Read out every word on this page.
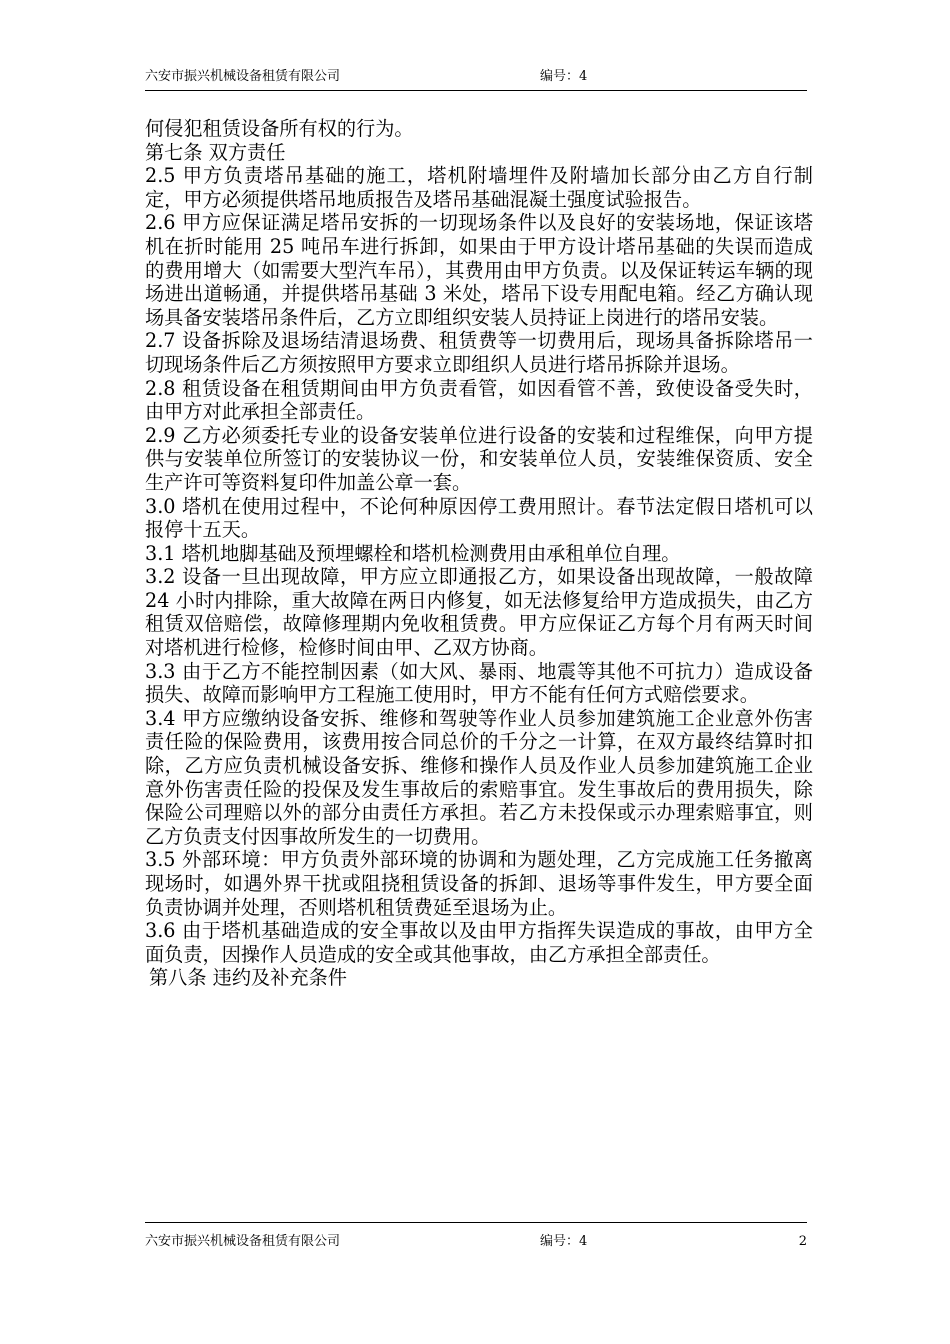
六安市振兴机械设备租赁有限公司	编号：4

何侵犯租赁设备所有权的行为。

第七条 双方责任

2.5 甲方负责塔吊基础的施工，塔机附墙埋件及附墙加长部分由乙方自行制定，甲方必须提供塔吊地质报告及塔吊基础混凝土强度试验报告。

2.6 甲方应保证满足塔吊安拆的一切现场条件以及良好的安装场地，保证该塔机在折时能用 25 吨吊车进行拆卸，如果由于甲方设计塔吊基础的失误而造成的费用增大（如需要大型汽车吊），其费用由甲方负责。以及保证转运车辆的现场进出道畅通，并提供塔吊基础 3 米处，塔吊下设专用配电箱。经乙方确认现场具备安装塔吊条件后，乙方立即组织安装人员持证上岗进行的塔吊安装。

2.7 设备拆除及退场结清退场费、租赁费等一切费用后，现场具备拆除塔吊一切现场条件后乙方须按照甲方要求立即组织人员进行塔吊拆除并退场。

2.8 租赁设备在租赁期间由甲方负责看管，如因看管不善，致使设备受失时，由甲方对此承担全部责任。

2.9 乙方必须委托专业的设备安装单位进行设备的安装和过程维保，向甲方提供与安装单位所签订的安装协议一份，和安装单位人员，安装维保资质、安全生产许可等资料复印件加盖公章一套。

3.0 塔机在使用过程中，不论何种原因停工费用照计。春节法定假日塔机可以报停十五天。

3.1 塔机地脚基础及预埋螺栓和塔机检测费用由承租单位自理。

3.2 设备一旦出现故障，甲方应立即通报乙方，如果设备出现故障，一般故障 24 小时内排除，重大故障在两日内修复，如无法修复给甲方造成损失，由乙方租赁双倍赔偿，故障修理期内免收租赁费。甲方应保证乙方每个月有两天时间对塔机进行检修，检修时间由甲、乙双方协商。

3.3 由于乙方不能控制因素（如大风、暴雨、地震等其他不可抗力）造成设备损失、故障而影响甲方工程施工使用时，甲方不能有任何方式赔偿要求。

3.4 甲方应缴纳设备安拆、维修和驾驶等作业人员参加建筑施工企业意外伤害责任险的保险费用，该费用按合同总价的千分之一计算，在双方最终结算时扣除，乙方应负责机械设备安拆、维修和操作人员及作业人员参加建筑施工企业意外伤害责任险的投保及发生事故后的索赔事宜。发生事故后的费用损失，除保险公司理赔以外的部分由责任方承担。若乙方未投保或示办理索赔事宜，则乙方负责支付因事故所发生的一切费用。

3.5 外部环境：甲方负责外部环境的协调和为题处理，乙方完成施工任务撤离现场时，如遇外界干扰或阻挠租赁设备的拆卸、退场等事件发生，甲方要全面负责协调并处理，否则塔机租赁费延至退场为止。

3.6 由于塔机基础造成的安全事故以及由甲方指挥失误造成的事故，由甲方全面负责，因操作人员造成的安全或其他事故，由乙方承担全部责任。

第八条 违约及补充条件

六安市振兴机械设备租赁有限公司	编号：4	2
